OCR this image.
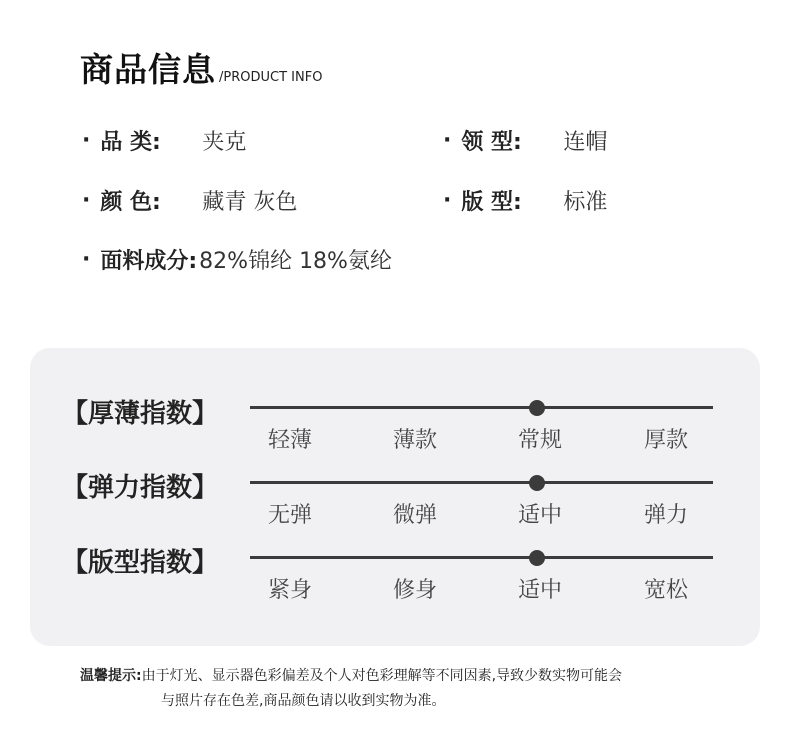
商品信息 /PRODUCT INFO
· 品 类:	夹克	· 领 型:	连帽
· 颜 色:	藏青 灰色	· 版 型:	标准
· 面料成分: 82%锦纶 18%氨纶
【厚薄指数】
轻薄	薄款	常规	厚款
【弹力指数】
无弹	微弹	适中	弹力
【版型指数】
紧身	修身	适中	宽松
温馨提示:由于灯光、显示器色彩偏差及个人对色彩理解等不同因素,导致少数实物可能会
与照片存在色差,商品颜色请以收到实物为准。
